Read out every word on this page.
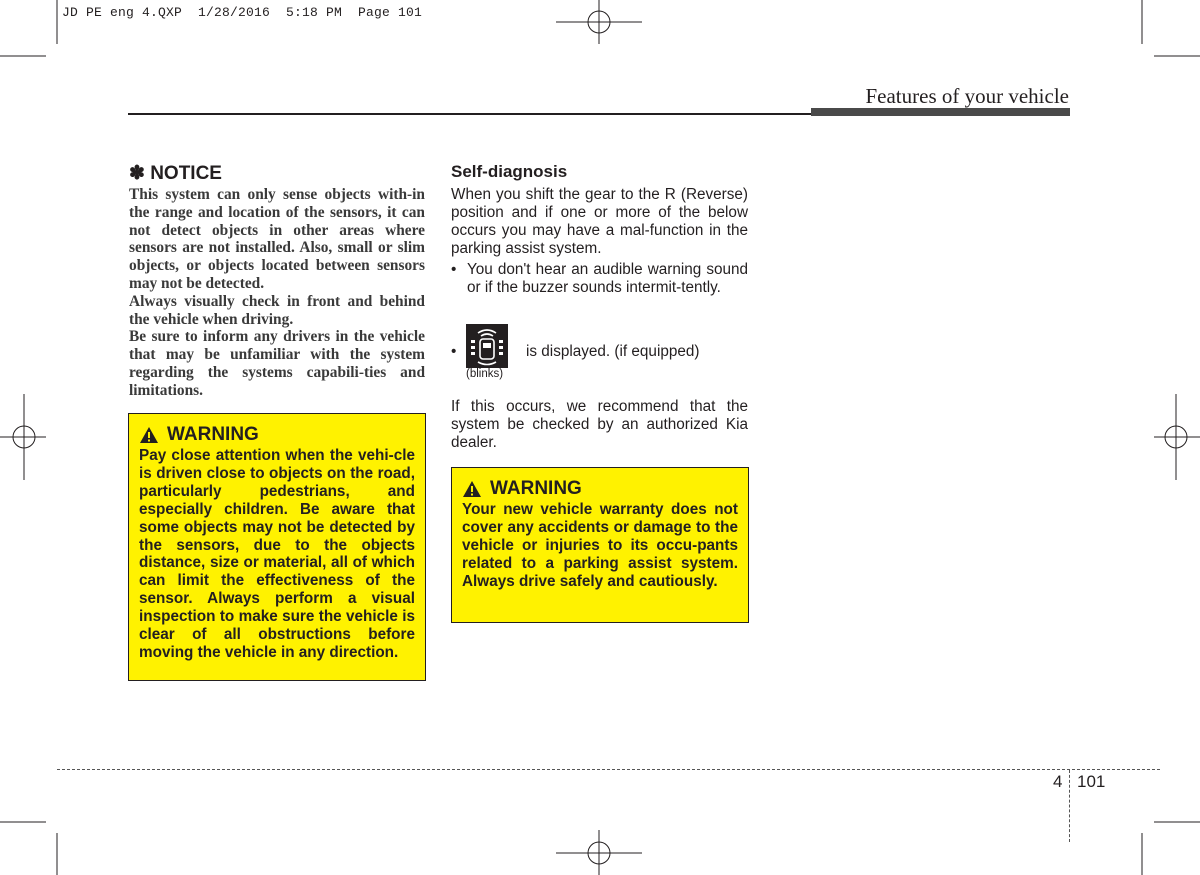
JD PE eng 4.QXP  1/28/2016  5:18 PM  Page 101
Features of your vehicle
✽ NOTICE

This system can only sense objects with-in the range and location of the sensors, it can not detect objects in other areas where sensors are not installed. Also, small or slim objects, or objects located between sensors may not be detected.

Always visually check in front and behind the vehicle when driving.

Be sure to inform any drivers in the vehicle that may be unfamiliar with the system regarding the systems capabili-ties and limitations.

WARNING
Pay close attention when the vehi-cle is driven close to objects on the road, particularly pedestrians, and especially children. Be aware that some objects may not be detected by the sensors, due to the objects distance, size or material, all of which can limit the effectiveness of the sensor. Always perform a visual inspection to make sure the vehicle is clear of all obstructions before moving the vehicle in any direction.
Self-diagnosis

When you shift the gear to the R (Reverse) position and if one or more of the below occurs you may have a mal-function in the parking assist system.

• You don't hear an audible warning sound or if the buzzer sounds intermit-tently.
•
(blinks)
is displayed. (if equipped)
If this occurs, we recommend that the system be checked by an authorized Kia dealer.
WARNING
Your new vehicle warranty does not cover any accidents or damage to the vehicle or injuries to its occu-pants related to a parking assist system. Always drive safely and cautiously.
4 101
